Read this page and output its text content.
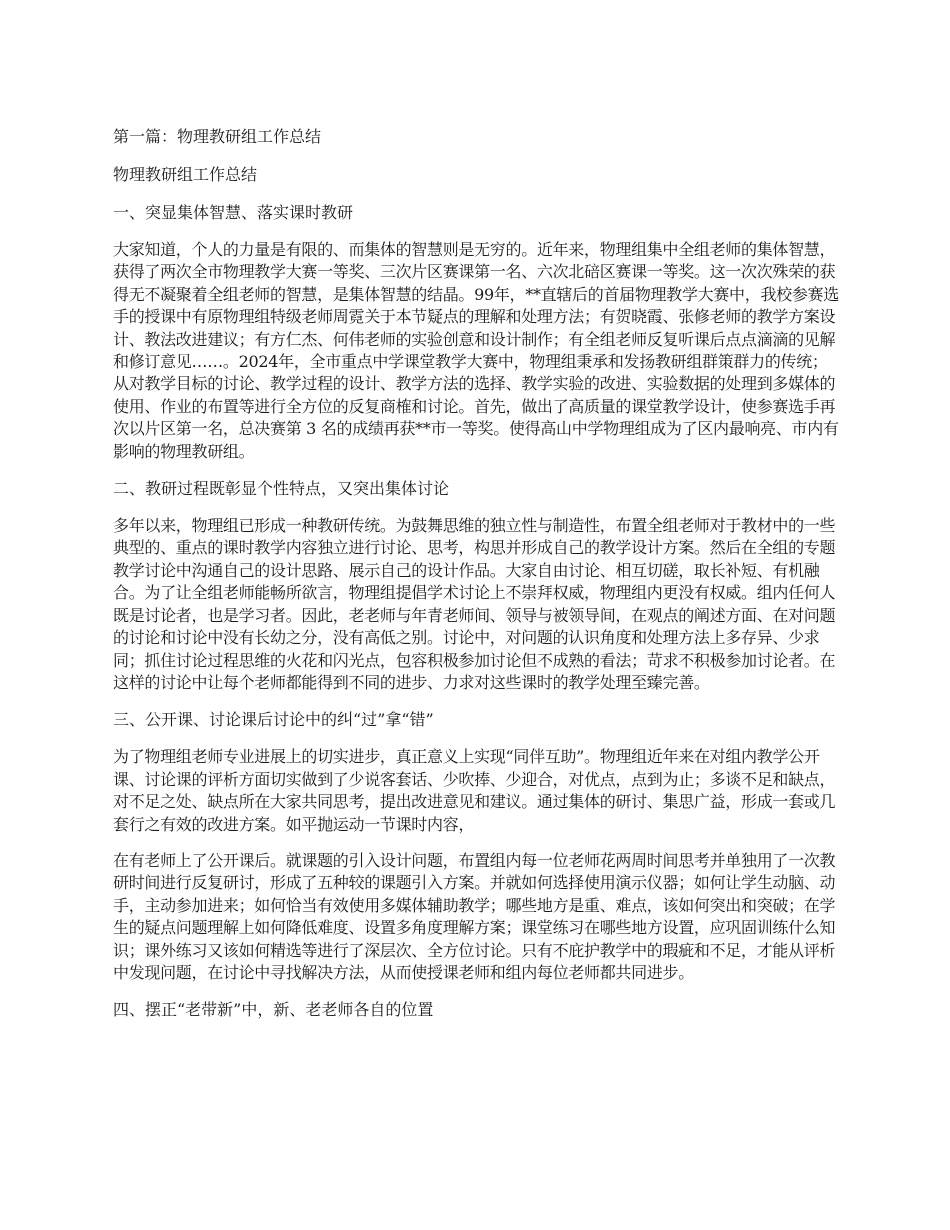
第一篇：物理教研组工作总结
物理教研组工作总结
一、突显集体智慧、落实课时教研
大家知道，个人的力量是有限的、而集体的智慧则是无穷的。近年来，物理组集中全组老师的集体智慧，获得了两次全市物理教学大赛一等奖、三次片区赛课第一名、六次北碚区赛课一等奖。这一次次殊荣的获得无不凝聚着全组老师的智慧，是集体智慧的结晶。99年，**直辖后的首届物理教学大赛中，我校参赛选手的授课中有原物理组特级老师周霓关于本节疑点的理解和处理方法；有贺晓霞、张修老师的教学方案设计、教法改进建议；有方仁杰、何伟老师的实验创意和设计制作；有全组老师反复听课后点点滴滴的见解和修订意见……。2024年，全市重点中学课堂教学大赛中，物理组秉承和发扬教研组群策群力的传统；从对教学目标的讨论、教学过程的设计、教学方法的选择、教学实验的改进、实验数据的处理到多媒体的使用、作业的布置等进行全方位的反复商榷和讨论。首先，做出了高质量的课堂教学设计，使参赛选手再次以片区第一名，总决赛第 3 名的成绩再获**市一等奖。使得高山中学物理组成为了区内最响亮、市内有影响的物理教研组。
二、教研过程既彰显个性特点，又突出集体讨论
多年以来，物理组已形成一种教研传统。为鼓舞思维的独立性与制造性，布置全组老师对于教材中的一些典型的、重点的课时教学内容独立进行讨论、思考，构思并形成自己的教学设计方案。然后在全组的专题教学讨论中沟通自己的设计思路、展示自己的设计作品。大家自由讨论、相互切磋，取长补短、有机融合。为了让全组老师能畅所欲言，物理组提倡学术讨论上不崇拜权威，物理组内更没有权威。组内任何人既是讨论者，也是学习者。因此，老老师与年青老师间、领导与被领导间，在观点的阐述方面、在对问题的讨论和讨论中没有长幼之分，没有高低之别。讨论中，对问题的认识角度和处理方法上多存异、少求同；抓住讨论过程思维的火花和闪光点，包容积极参加讨论但不成熟的看法；苛求不积极参加讨论者。在这样的讨论中让每个老师都能得到不同的进步、力求对这些课时的教学处理至臻完善。
三、公开课、讨论课后讨论中的纠“过”拿“错”
为了物理组老师专业进展上的切实进步，真正意义上实现“同伴互助”。物理组近年来在对组内教学公开课、讨论课的评析方面切实做到了少说客套话、少吹捧、少迎合，对优点，点到为止；多谈不足和缺点，对不足之处、缺点所在大家共同思考，提出改进意见和建议。通过集体的研讨、集思广益，形成一套或几套行之有效的改进方案。如平抛运动一节课时内容，
在有老师上了公开课后。就课题的引入设计问题，布置组内每一位老师花两周时间思考并单独用了一次教研时间进行反复研讨，形成了五种较的课题引入方案。并就如何选择使用演示仪器；如何让学生动脑、动手，主动参加进来；如何恰当有效使用多媒体辅助教学；哪些地方是重、难点，该如何突出和突破；在学生的疑点问题理解上如何降低难度、设置多角度理解方案；课堂练习在哪些地方设置，应巩固训练什么知识；课外练习又该如何精选等进行了深层次、全方位讨论。只有不庇护教学中的瑕疵和不足，才能从评析中发现问题，在讨论中寻找解决方法，从而使授课老师和组内每位老师都共同进步。
四、摆正“老带新”中，新、老老师各自的位置
